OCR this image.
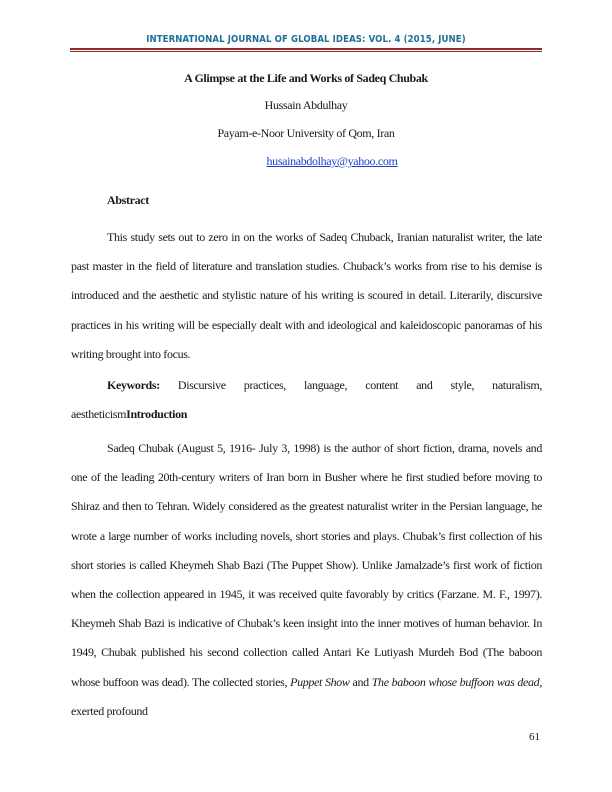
INTERNATIONAL JOURNAL OF GLOBAL IDEAS: VOL. 4 (2015, JUNE)
A Glimpse at the Life and Works of Sadeq Chubak
Hussain Abdulhay
Payam-e-Noor University of Qom, Iran
husainabdolhay@yahoo.com
Abstract

This study sets out to zero in on the works of Sadeq Chuback, Iranian naturalist writer, the late past master in the field of literature and translation studies. Chuback’s works from rise to his demise is introduced and the aesthetic and stylistic nature of his writing is scoured in detail. Literarily, discursive practices in his writing will be especially dealt with and ideological and kaleidoscopic panoramas of his writing brought into focus.

Keywords: Discursive practices, language, content and style, naturalism, aestheticismIntroduction

Sadeq Chubak (August 5, 1916- July 3, 1998) is the author of short fiction, drama, novels and one of the leading 20th-century writers of Iran born in Busher where he first studied before moving to Shiraz and then to Tehran. Widely considered as the greatest naturalist writer in the Persian language, he wrote a large number of works including novels, short stories and plays. Chubak’s first collection of his short stories is called Kheymeh Shab Bazi (The Puppet Show). Unlike Jamalzade’s first work of fiction when the collection appeared in 1945, it was received quite favorably by critics (Farzane. M. F., 1997). Kheymeh Shab Bazi is indicative of Chubak’s keen insight into the inner motives of human behavior. In 1949, Chubak published his second collection called Antari Ke Lutiyash Murdeh Bod (The baboon whose buffoon was dead). The collected stories, Puppet Show and The baboon whose buffoon was dead, exerted profound

61
